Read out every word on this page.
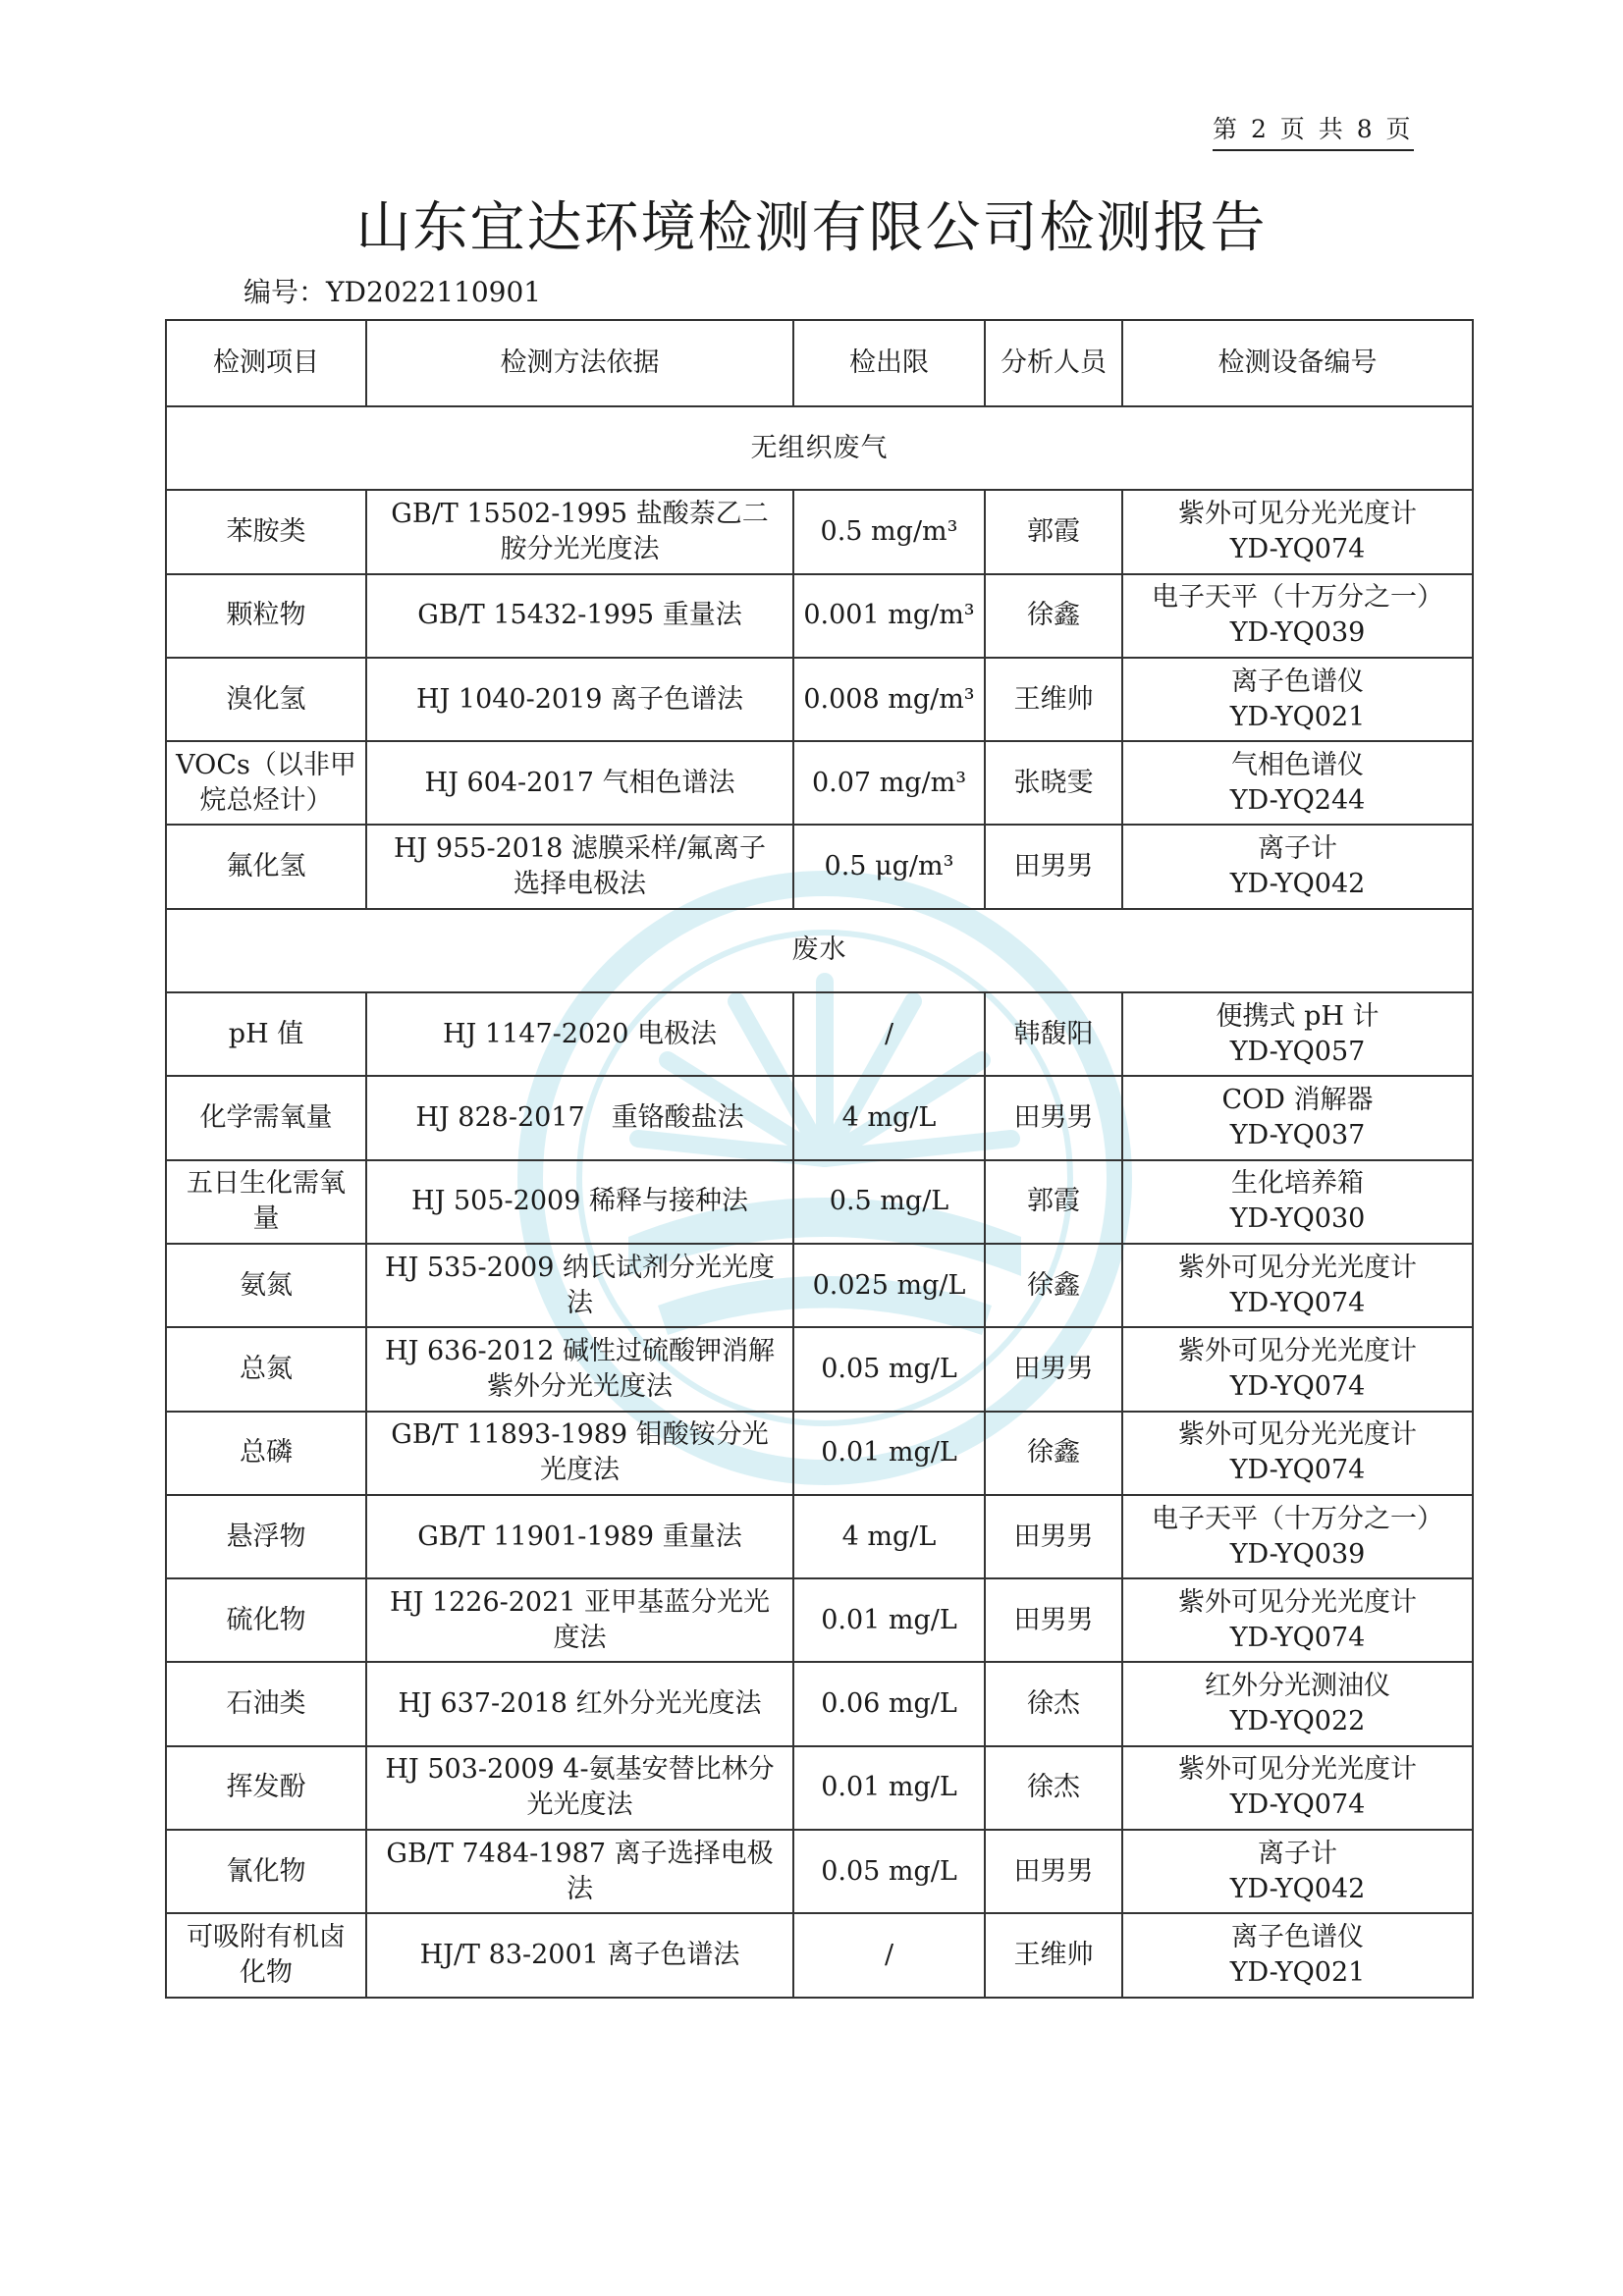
第 2 页 共 8 页
山东宜达环境检测有限公司检测报告
编号：YD2022110901
检测项目	检测方法依据	检出限	分析人员	检测设备编号
无组织废气				
苯胺类	GB/T 15502-1995 盐酸萘乙二胺分光光度法	0.5 mg/m³	郭霞	紫外可见分光光度计
YD-YQ074

颗粒物	GB/T 15432-1995 重量法	0.001 mg/m³	徐鑫	电子天平（十万分之一）
YD-YQ039

溴化氢	HJ 1040-2019 离子色谱法	0.008 mg/m³	王维帅	离子色谱仪
YD-YQ021

VOCs（以非甲烷总烃计）	HJ 604-2017 气相色谱法	0.07 mg/m³	张晓雯	气相色谱仪
YD-YQ244

氟化氢	HJ 955-2018 滤膜采样/氟离子选择电极法	0.5 μg/m³	田男男	离子计
YD-YQ042

废水				
pH 值	HJ 1147-2020 电极法	/	韩馥阳	便携式 pH 计
YD-YQ057

化学需氧量	HJ 828-2017　重铬酸盐法	4 mg/L	田男男	COD 消解器
YD-YQ037

五日生化需氧量	HJ 505-2009 稀释与接种法	0.5 mg/L	郭霞	生化培养箱
YD-YQ030

氨氮	HJ 535-2009 纳氏试剂分光光度法	0.025 mg/L	徐鑫	紫外可见分光光度计
YD-YQ074

总氮	HJ 636-2012 碱性过硫酸钾消解紫外分光光度法	0.05 mg/L	田男男	紫外可见分光光度计
YD-YQ074

总磷	GB/T 11893-1989 钼酸铵分光光度法	0.01 mg/L	徐鑫	紫外可见分光光度计
YD-YQ074

悬浮物	GB/T 11901-1989 重量法	4 mg/L	田男男	电子天平（十万分之一）
YD-YQ039

硫化物	HJ 1226-2021 亚甲基蓝分光光度法	0.01 mg/L	田男男	紫外可见分光光度计
YD-YQ074

石油类	HJ 637-2018 红外分光光度法	0.06 mg/L	徐杰	红外分光测油仪
YD-YQ022

挥发酚	HJ 503-2009 4-氨基安替比林分光光度法	0.01 mg/L	徐杰	紫外可见分光光度计
YD-YQ074

氰化物	GB/T 7484-1987 离子选择电极法	0.05 mg/L	田男男	离子计
YD-YQ042

可吸附有机卤化物	HJ/T 83-2001 离子色谱法	/	王维帅	离子色谱仪
YD-YQ021
